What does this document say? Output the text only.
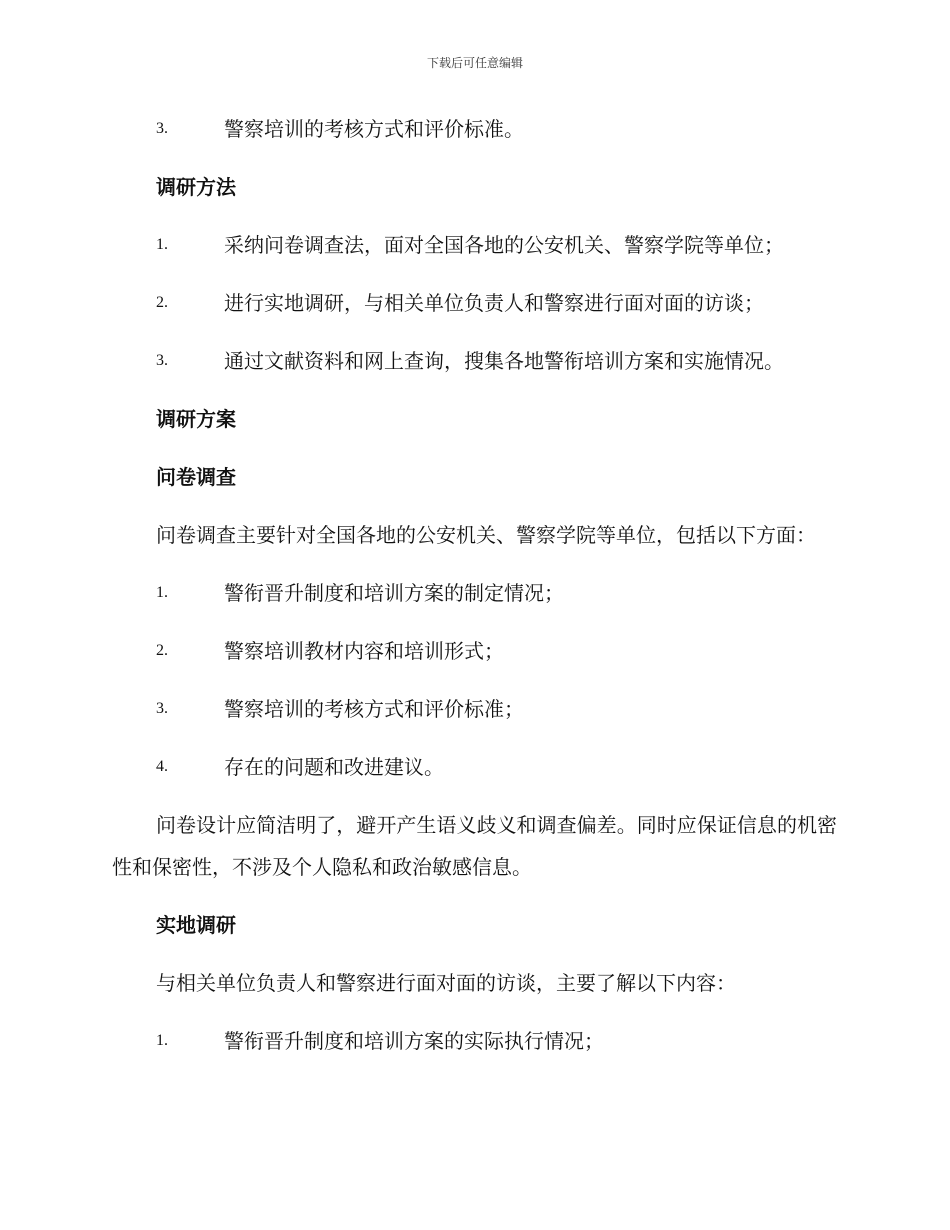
下载后可任意编辑
3.	警察培训的考核方式和评价标准。
调研方法
1.	采纳问卷调查法，面对全国各地的公安机关、警察学院等单位；
2.	进行实地调研，与相关单位负责人和警察进行面对面的访谈；
3.	通过文献资料和网上查询，搜集各地警衔培训方案和实施情况。
调研方案
问卷调查

问卷调查主要针对全国各地的公安机关、警察学院等单位，包括以下方面：

1.	警衔晋升制度和培训方案的制定情况；
2.	警察培训教材内容和培训形式；
3.	警察培训的考核方式和评价标准；
4.	存在的问题和改进建议。

问卷设计应简洁明了，避开产生语义歧义和调查偏差。同时应保证信息的机密性和保密性，不涉及个人隐私和政治敏感信息。

实地调研
与相关单位负责人和警察进行面对面的访谈，主要了解以下内容：
1.	警衔晋升制度和培训方案的实际执行情况；
